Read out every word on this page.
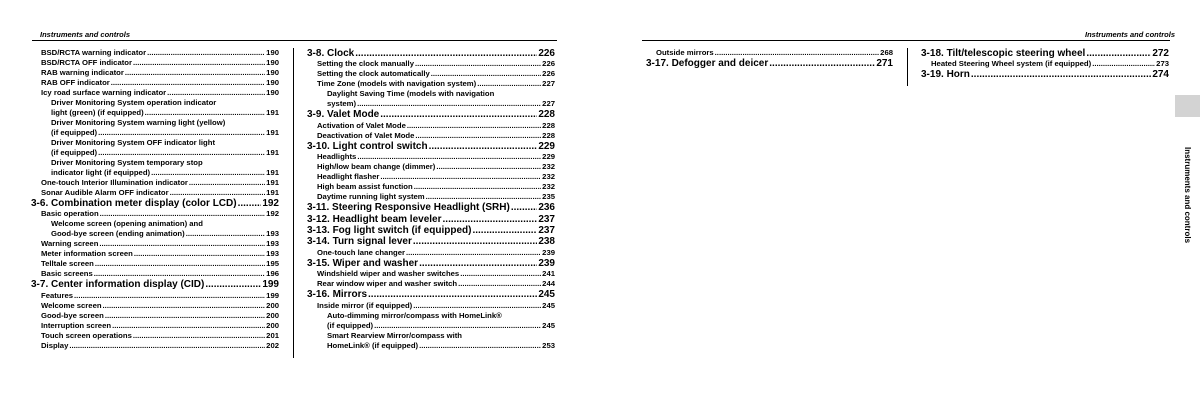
Instruments and controls	Instruments and controls
BSD/RCTA warning indicator .....	190
BSD/RCTA OFF indicator .....	190
RAB warning indicator .....	190
RAB OFF indicator .....	190
Icy road surface warning indicator .....	190
Driver Monitoring System operation indicator
light (green) (if equipped) .....	191
Driver Monitoring System warning light (yellow)
(if equipped) .....	191
Driver Monitoring System OFF indicator light
(if equipped) .....	191
Driver Monitoring System temporary stop
indicator light (if equipped) .....	191
One-touch Interior Illumination indicator .....	191
Sonar Audible Alarm OFF indicator .....	191
3-6. Combination meter display (color LCD) .....	192
Basic operation .....	192
Welcome screen (opening animation) and
Good-bye screen (ending animation) .....	193
Warning screen .....	193
Meter information screen .....	193
Telltale screen .....	195
Basic screens .....	196
3-7. Center information display (CID) .....	199
Features .....	199
Welcome screen .....	200
Good-bye screen .....	200
Interruption screen .....	200
Touch screen operations .....	201
Display .....	202
3-8. Clock .....	226
Setting the clock manually .....	226
Setting the clock automatically .....	226
Time Zone (models with navigation system) .....	227
Daylight Saving Time (models with navigation
system) .....	227
3-9. Valet Mode .....	228
Activation of Valet Mode .....	228
Deactivation of Valet Mode .....	228
3-10. Light control switch .....	229
Headlights .....	229
High/low beam change (dimmer) .....	232
Headlight flasher .....	232
High beam assist function .....	232
Daytime running light system .....	235
3-11. Steering Responsive Headlight (SRH) .....	236
3-12. Headlight beam leveler .....	237
3-13. Fog light switch (if equipped) .....	237
3-14. Turn signal lever .....	238
One-touch lane changer .....	239
3-15. Wiper and washer .....	239
Windshield wiper and washer switches .....	241
Rear window wiper and washer switch .....	244
3-16. Mirrors .....	245
Inside mirror (if equipped) .....	245
Auto-dimming mirror/compass with HomeLink®
(if equipped) .....	245
Smart Rearview Mirror/compass with
HomeLink® (if equipped) .....	253
Outside mirrors .....	268
3-17. Defogger and deicer .....	271
3-18. Tilt/telescopic steering wheel .....	272
Heated Steering Wheel system (if equipped) .....	273
3-19. Horn .....	274
Instruments and controls
